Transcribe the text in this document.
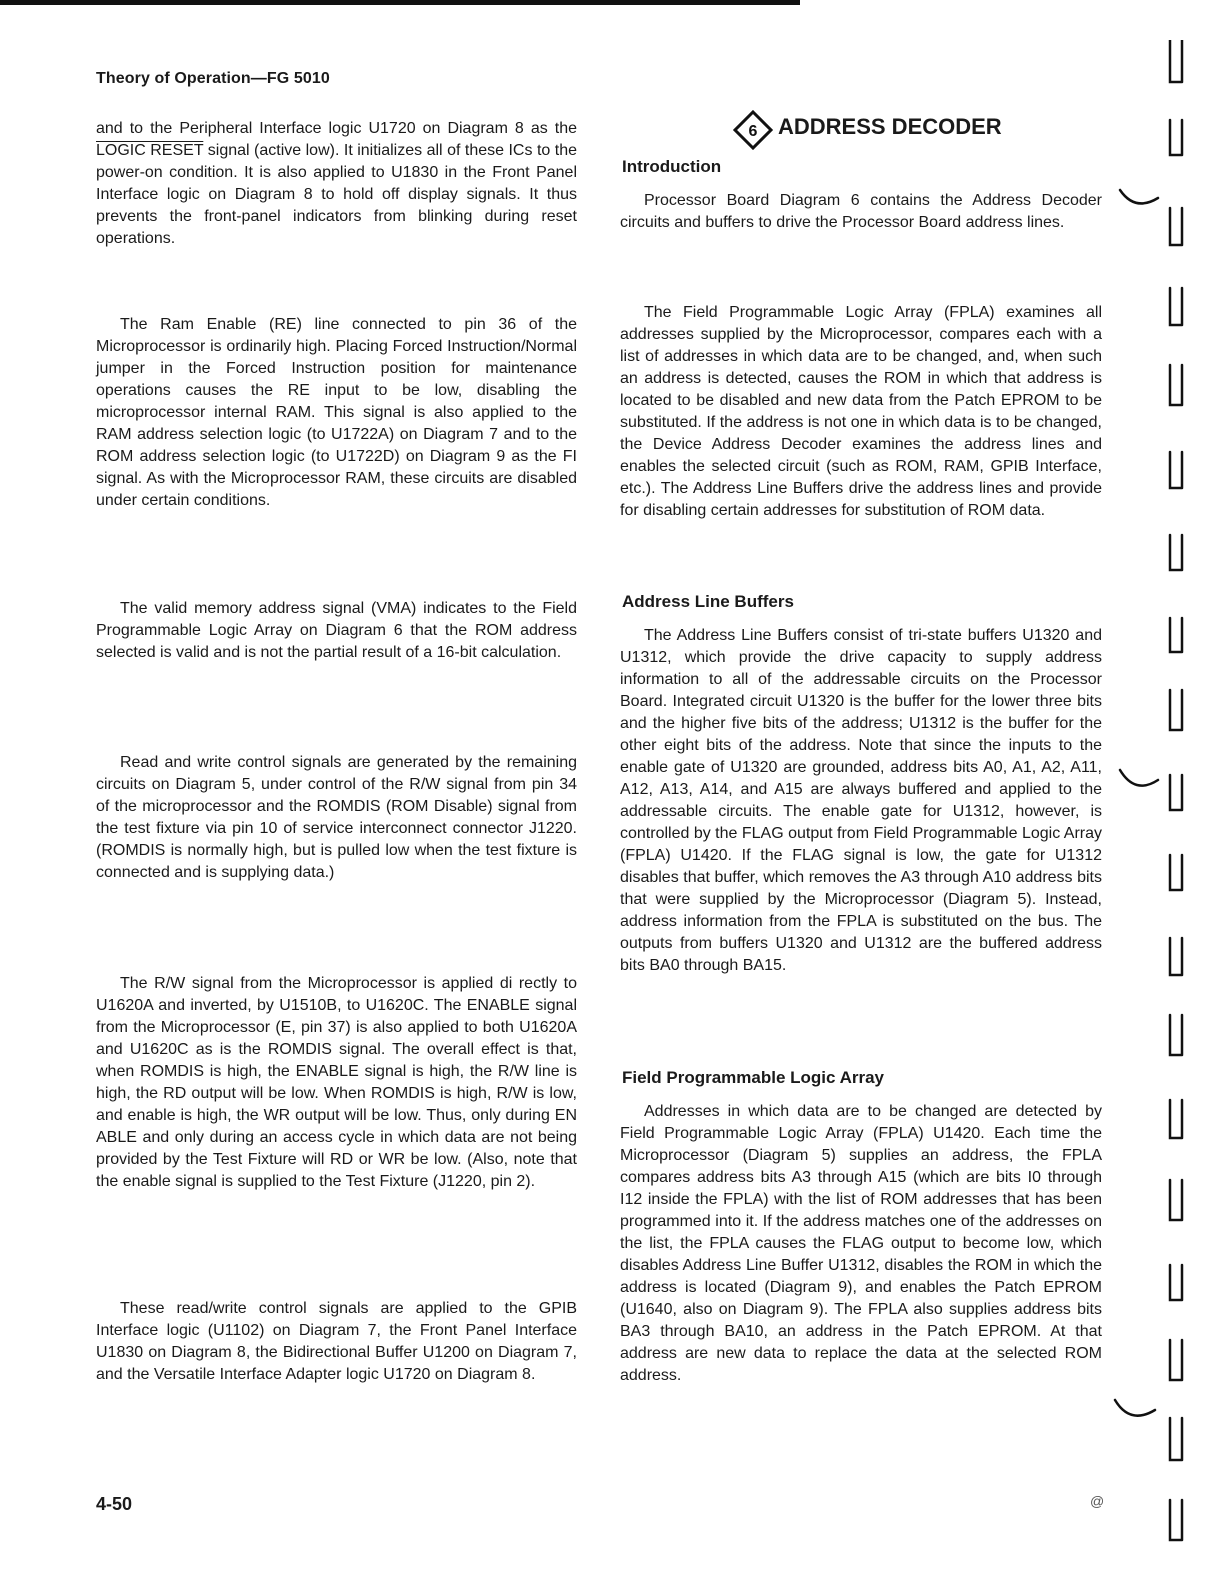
Theory of Operation—FG 5010

and to the Peripheral Interface logic U1720 on Diagram 8 as the LOGIC RESET signal (active low). It initializes all of these ICs to the power-on condition. It is also applied to U1830 in the Front Panel Interface logic on Diagram 8 to hold off display signals. It thus prevents the front-panel indicators from blinking during reset operations.

The Ram Enable (RE) line connected to pin 36 of the Microprocessor is ordinarily high. Placing Forced Instruction/Normal jumper in the Forced Instruction position for maintenance operations causes the RE input to be low, disabling the microprocessor internal RAM. This signal is also applied to the RAM address selection logic (to U1722A) on Diagram 7 and to the ROM address selection logic (to U1722D) on Diagram 9 as the FI signal. As with the Microprocessor RAM, these circuits are disabled under certain conditions.
The valid memory address signal (VMA) indicates to the Field Programmable Logic Array on Diagram 6 that the ROM address selected is valid and is not the partial result of a 16-bit calculation.
Read and write control signals are generated by the remaining circuits on Diagram 5, under control of the R/W signal from pin 34 of the microprocessor and the ROMDIS (ROM Disable) signal from the test fixture via pin 10 of service interconnect connector J1220. (ROMDIS is normally high, but is pulled low when the test fixture is connected and is supplying data.)
The R/W signal from the Microprocessor is applied di rectly to U1620A and inverted, by U1510B, to U1620C. The ENABLE signal from the Microprocessor (E, pin 37) is also applied to both U1620A and U1620C as is the ROMDIS signal. The overall effect is that, when ROMDIS is high, the ENABLE signal is high, the R/W line is high, the RD output will be low. When ROMDIS is high, R/W is low, and enable is high, the WR output will be low. Thus, only during EN ABLE and only during an access cycle in which data are not being provided by the Test Fixture will RD or WR be low. (Also, note that the enable signal is supplied to the Test Fixture (J1220, pin 2).
These read/write control signals are applied to the GPIB Interface logic (U1102) on Diagram 7, the Front Panel Interface U1830 on Diagram 8, the Bidirectional Buffer U1200 on Diagram 7, and the Versatile Interface Adapter logic U1720 on Diagram 8.
6 ADDRESS DECODER
Introduction
Processor Board Diagram 6 contains the Address Decoder circuits and buffers to drive the Processor Board address lines.
The Field Programmable Logic Array (FPLA) examines all addresses supplied by the Microprocessor, compares each with a list of addresses in which data are to be changed, and, when such an address is detected, causes the ROM in which that address is located to be disabled and new data from the Patch EPROM to be substituted. If the address is not one in which data is to be changed, the Device Address Decoder examines the address lines and enables the selected circuit (such as ROM, RAM, GPIB Interface, etc.). The Address Line Buffers drive the address lines and provide for disabling certain addresses for substitution of ROM data.
Address Line Buffers
The Address Line Buffers consist of tri-state buffers U1320 and U1312, which provide the drive capacity to supply address information to all of the addressable circuits on the Processor Board. Integrated circuit U1320 is the buffer for the lower three bits and the higher five bits of the address; U1312 is the buffer for the other eight bits of the address. Note that since the inputs to the enable gate of U1320 are grounded, address bits A0, A1, A2, A11, A12, A13, A14, and A15 are always buffered and applied to the addressable circuits. The enable gate for U1312, however, is controlled by the FLAG output from Field Programmable Logic Array (FPLA) U1420. If the FLAG signal is low, the gate for U1312 disables that buffer, which removes the A3 through A10 address bits that were supplied by the Microprocessor (Diagram 5). Instead, address information from the FPLA is substituted on the bus. The outputs from buffers U1320 and U1312 are the buffered address bits BA0 through BA15.
Field Programmable Logic Array
Addresses in which data are to be changed are detected by Field Programmable Logic Array (FPLA) U1420. Each time the Microprocessor (Diagram 5) supplies an address, the FPLA compares address bits A3 through A15 (which are bits I0 through I12 inside the FPLA) with the list of ROM addresses that has been programmed into it. If the address matches one of the addresses on the list, the FPLA causes the FLAG output to become low, which disables Address Line Buffer U1312, disables the ROM in which the address is located (Diagram 9), and enables the Patch EPROM (U1640, also on Diagram 9). The FPLA also supplies address bits BA3 through BA10, an address in the Patch EPROM. At that address are new data to replace the data at the selected ROM address.
4-50	@
